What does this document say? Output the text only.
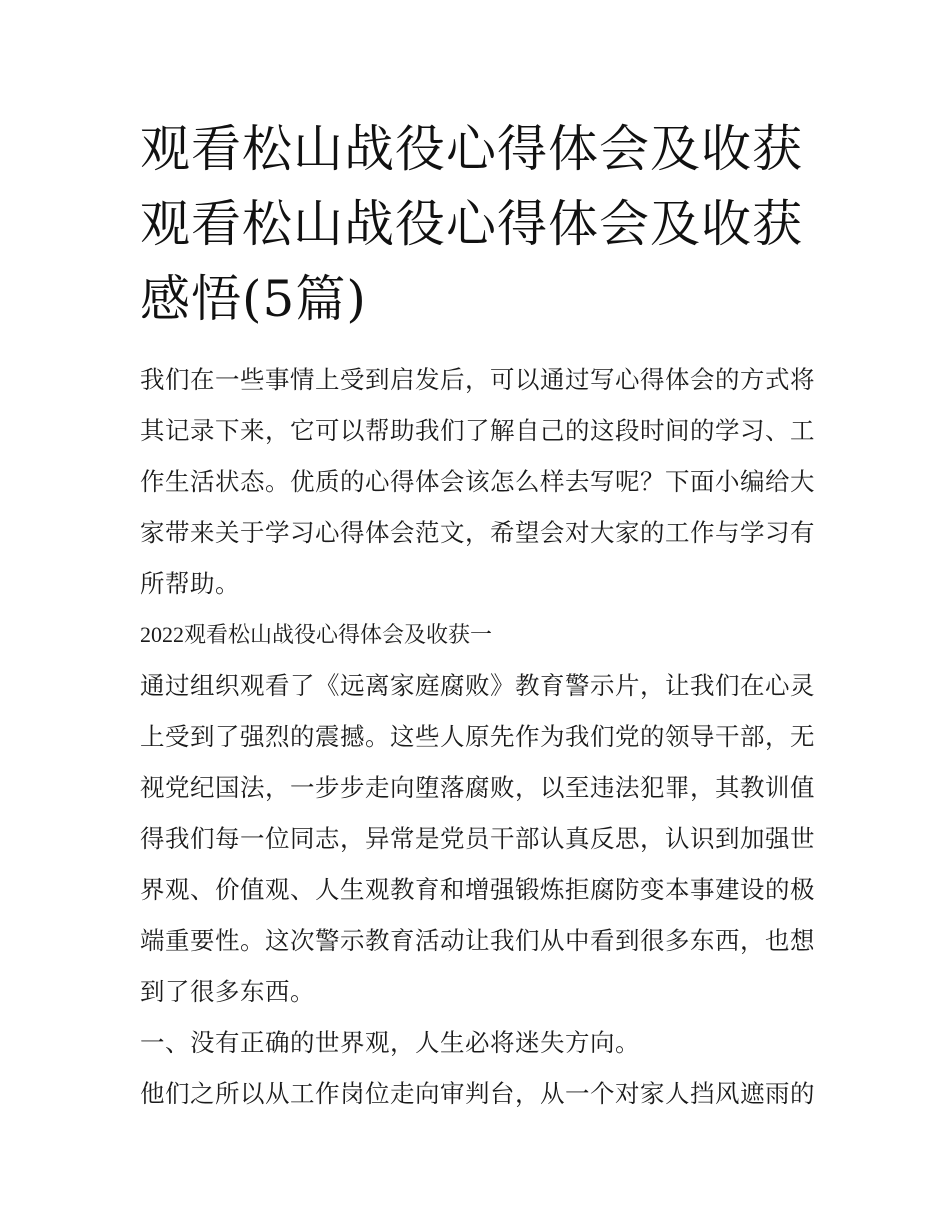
观看松山战役心得体会及收获
观看松山战役心得体会及收获
感悟(5篇)

我们在一些事情上受到启发后，可以通过写心得体会的方式将
其记录下来，它可以帮助我们了解自己的这段时间的学习、工
作生活状态。优质的心得体会该怎么样去写呢？下面小编给大
家带来关于学习心得体会范文，希望会对大家的工作与学习有
所帮助。

2022观看松山战役心得体会及收获一

通过组织观看了《远离家庭腐败》教育警示片，让我们在心灵
上受到了强烈的震撼。这些人原先作为我们党的领导干部，无
视党纪国法，一步步走向堕落腐败，以至违法犯罪，其教训值
得我们每一位同志，异常是党员干部认真反思，认识到加强世
界观、价值观、人生观教育和增强锻炼拒腐防变本事建设的极
端重要性。这次警示教育活动让我们从中看到很多东西，也想
到了很多东西。

一、没有正确的世界观，人生必将迷失方向。

他们之所以从工作岗位走向审判台，从一个对家人挡风遮雨的
